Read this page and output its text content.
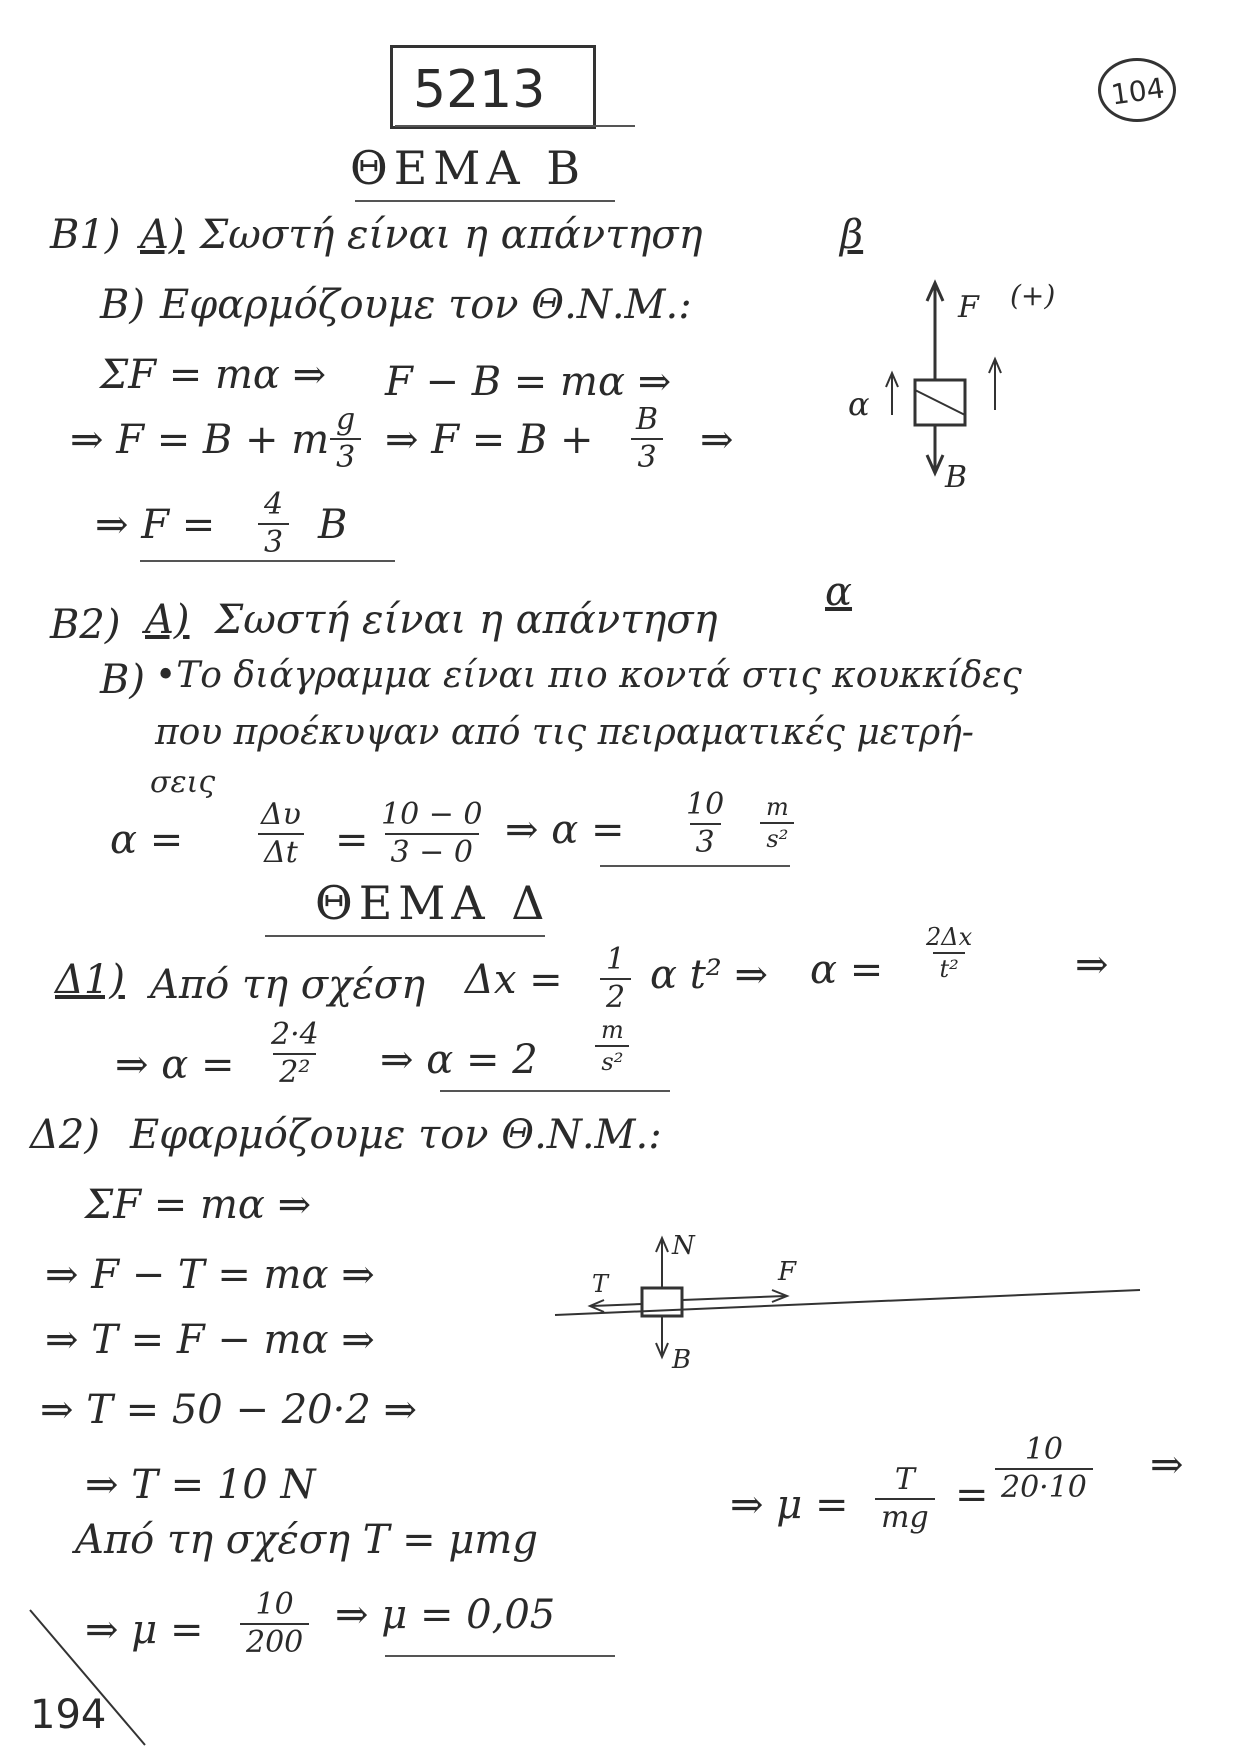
5213	104
ΘΕΜΑ Β
Β1) Α) Σωστή είναι η απάντηση	β
Β) Εφαρμόζουμε τον Θ.Ν.Μ.:
ΣF = mα ⇒ F − B = mα ⇒
⇒ F = B + m $\frac{g}{3}$ ⇒ $F = B + \frac{B}{3}$ ⇒
⇒ $F = \frac{4}{3}$ B
F
B
α
(+)
Β2) Α) Σωστή είναι η απάντηση
α
Β) •Το διάγραμμα είναι πιο κοντά στις κουκκίδες
που προέκυψαν από τις πειραματικές μετρή-
σεις
$\alpha = \frac{\Delta\upsilon}{\Delta t} = \frac{10 - 0}{3 - 0}$ ⇒ $\alpha = \frac{10}{3} \frac{m}{\text{s²}}$
ΘΕΜΑ Δ
Δ1) Από τη σχέση $\Delta x = \frac{1}{2}$ α t² ⇒ $\alpha = \frac{2\Delta x}{\text{t²}}$ ⇒
⇒ $\alpha = \frac{2\cdot 4}{\text{2²}}$ ⇒ $\alpha = 2 \frac{m}{\text{s²}}$
Δ2) Εφαρμόζουμε τον Θ.Ν.Μ.:
ΣF = mα ⇒
⇒ F − T = mα ⇒
⇒ T = F − mα ⇒
⇒ T = 50 − 20·2 ⇒
⇒ T = 10 N	⇒ $\mu = \frac{T}{mg} = \frac{10}{20\cdot 10}$ ⇒
Από τη σχέση T = μmg
⇒ $\mu = \frac{10}{200}$ ⇒ μ = 0,05
N
F
T
B
194
